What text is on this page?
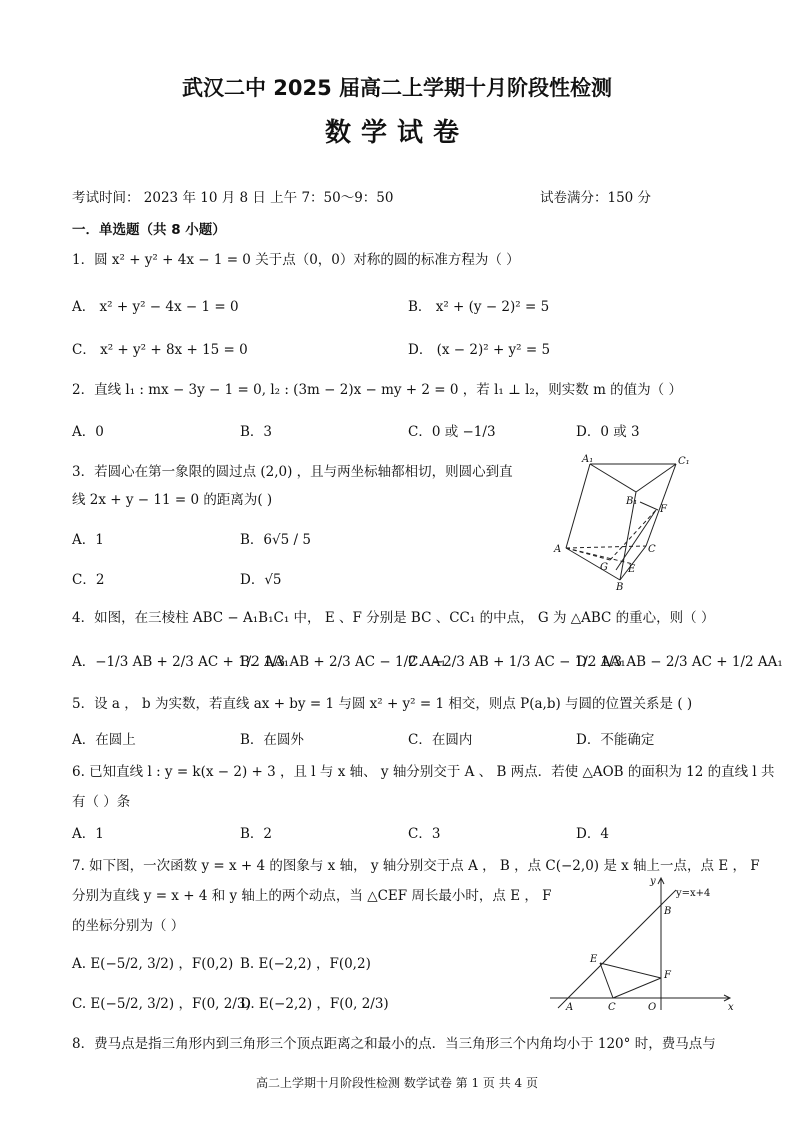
武汉二中 2025 届高二上学期十月阶段性检测
数学试卷
考试时间： 2023 年 10 月 8 日 上午 7：50～9：50	试卷满分：150 分
一．单选题（共 8 小题）
1．圆 x² + y² + 4x − 1 = 0 关于点（0，0）对称的圆的标准方程为（ ）
A． x² + y² − 4x − 1 = 0	B． x² + (y − 2)² = 5
C． x² + y² + 8x + 15 = 0	D． (x − 2)² + y² = 5
2．直线 l₁ : mx − 3y − 1 = 0, l₂ : (3m − 2)x − my + 2 = 0 ，若 l₁ ⊥ l₂，则实数 m 的值为（ ）
A．0	B．3	C．0 或 −1/3	D．0 或 3
3．若圆心在第一象限的圆过点 (2,0) ，且与两坐标轴都相切，则圆心到直
线 2x + y − 11 = 0 的距离为( )
A．1	B．6√5 / 5
C．2	D．√5
A₁	C₁
B₁
F
A	C
G E
B
4．如图，在三棱柱 ABC − A₁B₁C₁ 中， E 、F 分别是 BC 、CC₁ 的中点， G 为 △ABC 的重心，则（ ）
A．−1/3 AB + 2/3 AC + 1/2 AA₁
B．1/3 AB + 2/3 AC − 1/2 AA₁
C．−2/3 AB + 1/3 AC − 1/2 AA₁
D．1/3 AB − 2/3 AC + 1/2 AA₁
5．设 a ， b 为实数，若直线 ax + by = 1 与圆 x² + y² = 1 相交，则点 P(a,b) 与圆的位置关系是 ( )
A．在圆上	B．在圆外	C．在圆内	D．不能确定
6. 已知直线 l : y = k(x − 2) + 3 ，且 l 与 x 轴、 y 轴分别交于 A 、 B 两点．若使 △AOB 的面积为 12 的直线 l 共
有（ ）条
A．1	B．2	C．3	D．4
7. 如下图，一次函数 y = x + 4 的图象与 x 轴， y 轴分别交于点 A ， B ，点 C(−2,0) 是 x 轴上一点，点 E ， F
分别为直线 y = x + 4 和 y 轴上的两个动点，当 △CEF 周长最小时，点 E ， F
的坐标分别为（ ）
A. E(−5/2, 3/2) ，F(0,2) B. E(−2,2) ，F(0,2)
C. E(−5/2, 3/2) ，F(0, 2/3)
D. E(−2,2) ，F(0, 2/3)
y
x
y=x+4
B
E
F
A	C	O
8．费马点是指三角形内到三角形三个顶点距离之和最小的点．当三角形三个内角均小于 120° 时，费马点与
高二上学期十月阶段性检测 数学试卷 第 1 页 共 4 页
